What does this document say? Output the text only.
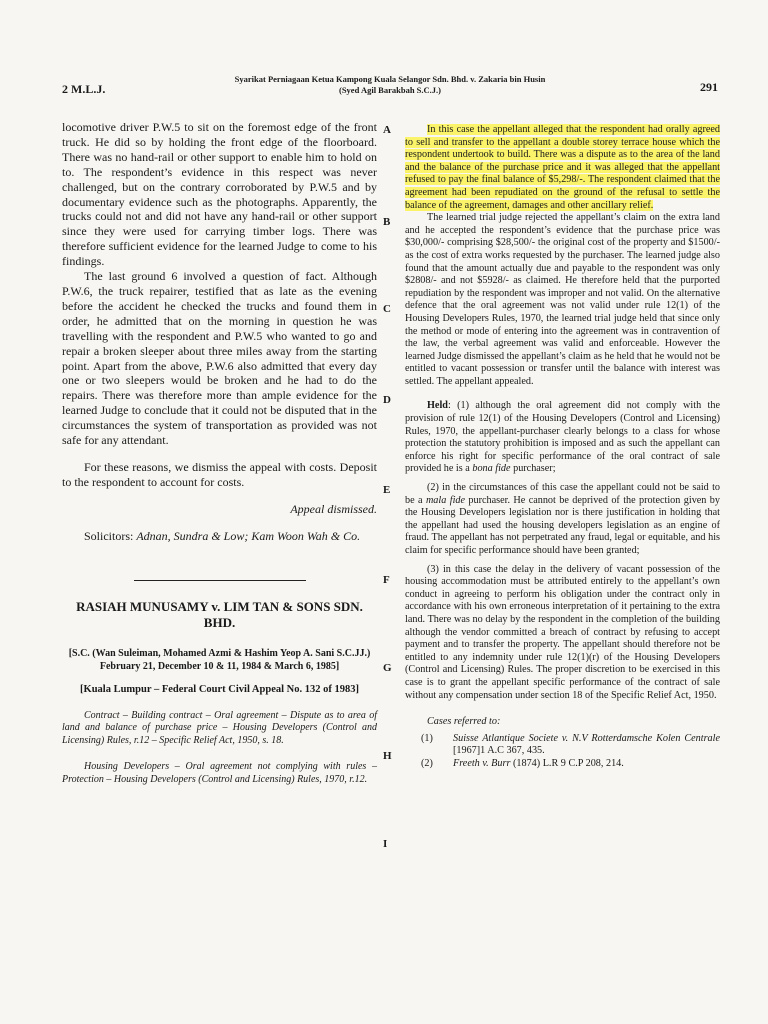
2 M.L.J.
Syarikat Perniagaan Ketua Kampong Kuala Selangor Sdn. Bhd. v. Zakaria bin Husin
(Syed Agil Barakbah S.C.J.)	291
A
B
C
D
E
F
G
H
I

locomotive driver P.W.5 to sit on the foremost edge of the front truck. He did so by holding the front edge of the floorboard. There was no hand-rail or other support to enable him to hold on to. The respondent’s evidence in this respect was never challenged, but on the contrary corroborated by P.W.5 and by documentary evidence such as the photographs. Apparently, the trucks could not and did not have any hand-rail or other support since they were used for carrying timber logs. There was therefore sufficient evidence for the learned Judge to come to his findings.

The last ground 6 involved a question of fact. Although P.W.6, the truck repairer, testified that as late as the evening before the accident he checked the trucks and found them in order, he admitted that on the morning in question he was travelling with the respondent and P.W.5 who wanted to go and repair a broken sleeper about three miles away from the starting point. Apart from the above, P.W.6 also admitted that every day one or two sleepers would be broken and he had to do the repairs. There was therefore more than ample evidence for the learned Judge to conclude that it could not be disputed that in the circumstances the system of transportation as provided was not safe for any attendant.

For these reasons, we dismiss the appeal with costs. Deposit to the respondent to account for costs.

Appeal dismissed.

Solicitors: Adnan, Sundra & Low; Kam Woon Wah & Co.

RASIAH MUNUSAMY v. LIM TAN & SONS SDN. BHD.

[S.C. (Wan Suleiman, Mohamed Azmi & Hashim Yeop A. Sani S.C.JJ.) February 21, December 10 & 11, 1984 & March 6, 1985]

[Kuala Lumpur – Federal Court Civil Appeal No. 132 of 1983]

Contract – Building contract – Oral agreement – Dispute as to area of land and balance of purchase price – Housing Developers (Control and Licensing) Rules, r.12 – Specific Relief Act, 1950, s. 18.

Housing Developers – Oral agreement not complying with rules – Protection – Housing Developers (Control and Licensing) Rules, 1970, r.12.

In this case the appellant alleged that the respondent had orally agreed to sell and transfer to the appellant a double storey terrace house which the respondent undertook to build. There was a dispute as to the area of the land and the balance of the purchase price and it was alleged that the appellant refused to pay the final balance of $5,298/-. The respondent claimed that the agreement had been repudiated on the ground of the refusal to settle the balance of the agreement, damages and other ancillary relief.

The learned trial judge rejected the appellant’s claim on the extra land and he accepted the respondent’s evidence that the purchase price was $30,000/- comprising $28,500/- the original cost of the property and $1500/- as the cost of extra works requested by the purchaser. The learned judge also found that the amount actually due and payable to the respondent was only $2808/- and not $5928/- as claimed. He therefore held that the purported repudiation by the respondent was improper and not valid. On the alternative defence that the oral agreement was not valid under rule 12(1) of the Housing Developers Rules, 1970, the learned trial judge held that since only the method or mode of entering into the agreement was in contravention of the law, the verbal agreement was valid and enforceable. However the learned Judge dismissed the appellant’s claim as he held that he would not be entitled to vacant possession or transfer until the balance with interest was settled. The appellant appealed.

Held: (1) although the oral agreement did not comply with the provision of rule 12(1) of the Housing Developers (Control and Licensing) Rules, 1970, the appellant-purchaser clearly belongs to a class for whose protection the statutory prohibition is imposed and as such the appellant can enforce his right for specific performance of the oral contract of sale provided he is a bona fide purchaser;

(2) in the circumstances of this case the appellant could not be said to be a mala fide purchaser. He cannot be deprived of the protection given by the Housing Developers legislation nor is there justification in holding that the appellant had used the housing developers legislation as an engine of fraud. The appellant has not perpetrated any fraud, legal or equitable, and his claim for specific performance should have been granted;

(3) in this case the delay in the delivery of vacant possession of the housing accommodation must be attributed entirely to the appellant’s own conduct in agreeing to perform his obligation under the contract only in accordance with his own erroneous interpretation of it pertaining to the extra land. There was no delay by the respondent in the completion of the building although the vendor committed a breach of contract by refusing to accept payment and to transfer the property. The appellant should therefore not be entitled to any indemnity under rule 12(1)(r) of the Housing Developers (Control and Licensing) Rules. The proper discretion to be exercised in this case is to grant the appellant specific performance of the contract of sale without any compensation under section 18 of the Specific Relief Act, 1950.

Cases referred to:

(1)	Suisse Atlantique Societe v. N.V Rotterdamsche Kolen Centrale [1967]1 A.C 367, 435.
(2)	Freeth v. Burr (1874) L.R 9 C.P 208, 214.
